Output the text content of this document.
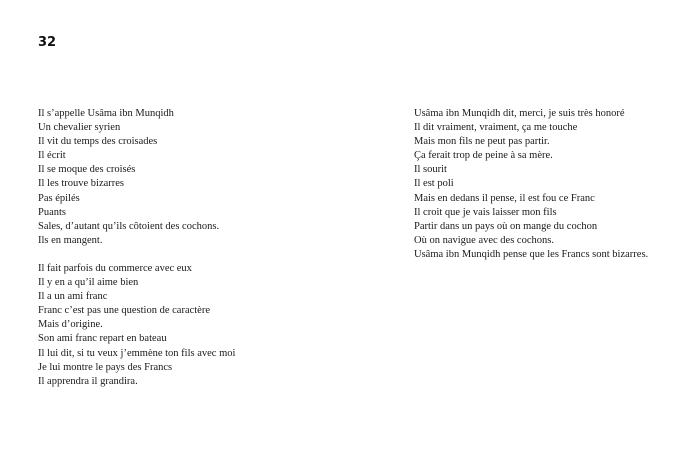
32
Il s’appelle Usâma ibn Munqidh
Un chevalier syrien
Il vit du temps des croisades
Il écrit
Il se moque des croisés
Il les trouve bizarres
Pas épilés
Puants
Sales, d’autant qu’ils côtoient des cochons.
Ils en mangent.
Il fait parfois du commerce avec eux
Il y en a qu’il aime bien
Il a un ami franc
Franc c’est pas une question de caractère
Mais d’origine.
Son ami franc repart en bateau
Il lui dit, si tu veux j’emmène ton fils avec moi
Je lui montre le pays des Francs
Il apprendra il grandira.
Usâma ibn Munqidh dit, merci, je suis très honoré
Il dit vraiment, vraiment, ça me touche
Mais mon fils ne peut pas partir.
Ça ferait trop de peine à sa mère.
Il sourit
Il est poli
Mais en dedans il pense, il est fou ce Franc
Il croit que je vais laisser mon fils
Partir dans un pays où on mange du cochon
Où on navigue avec des cochons.
Usâma ibn Munqidh pense que les Francs sont bizarres.
